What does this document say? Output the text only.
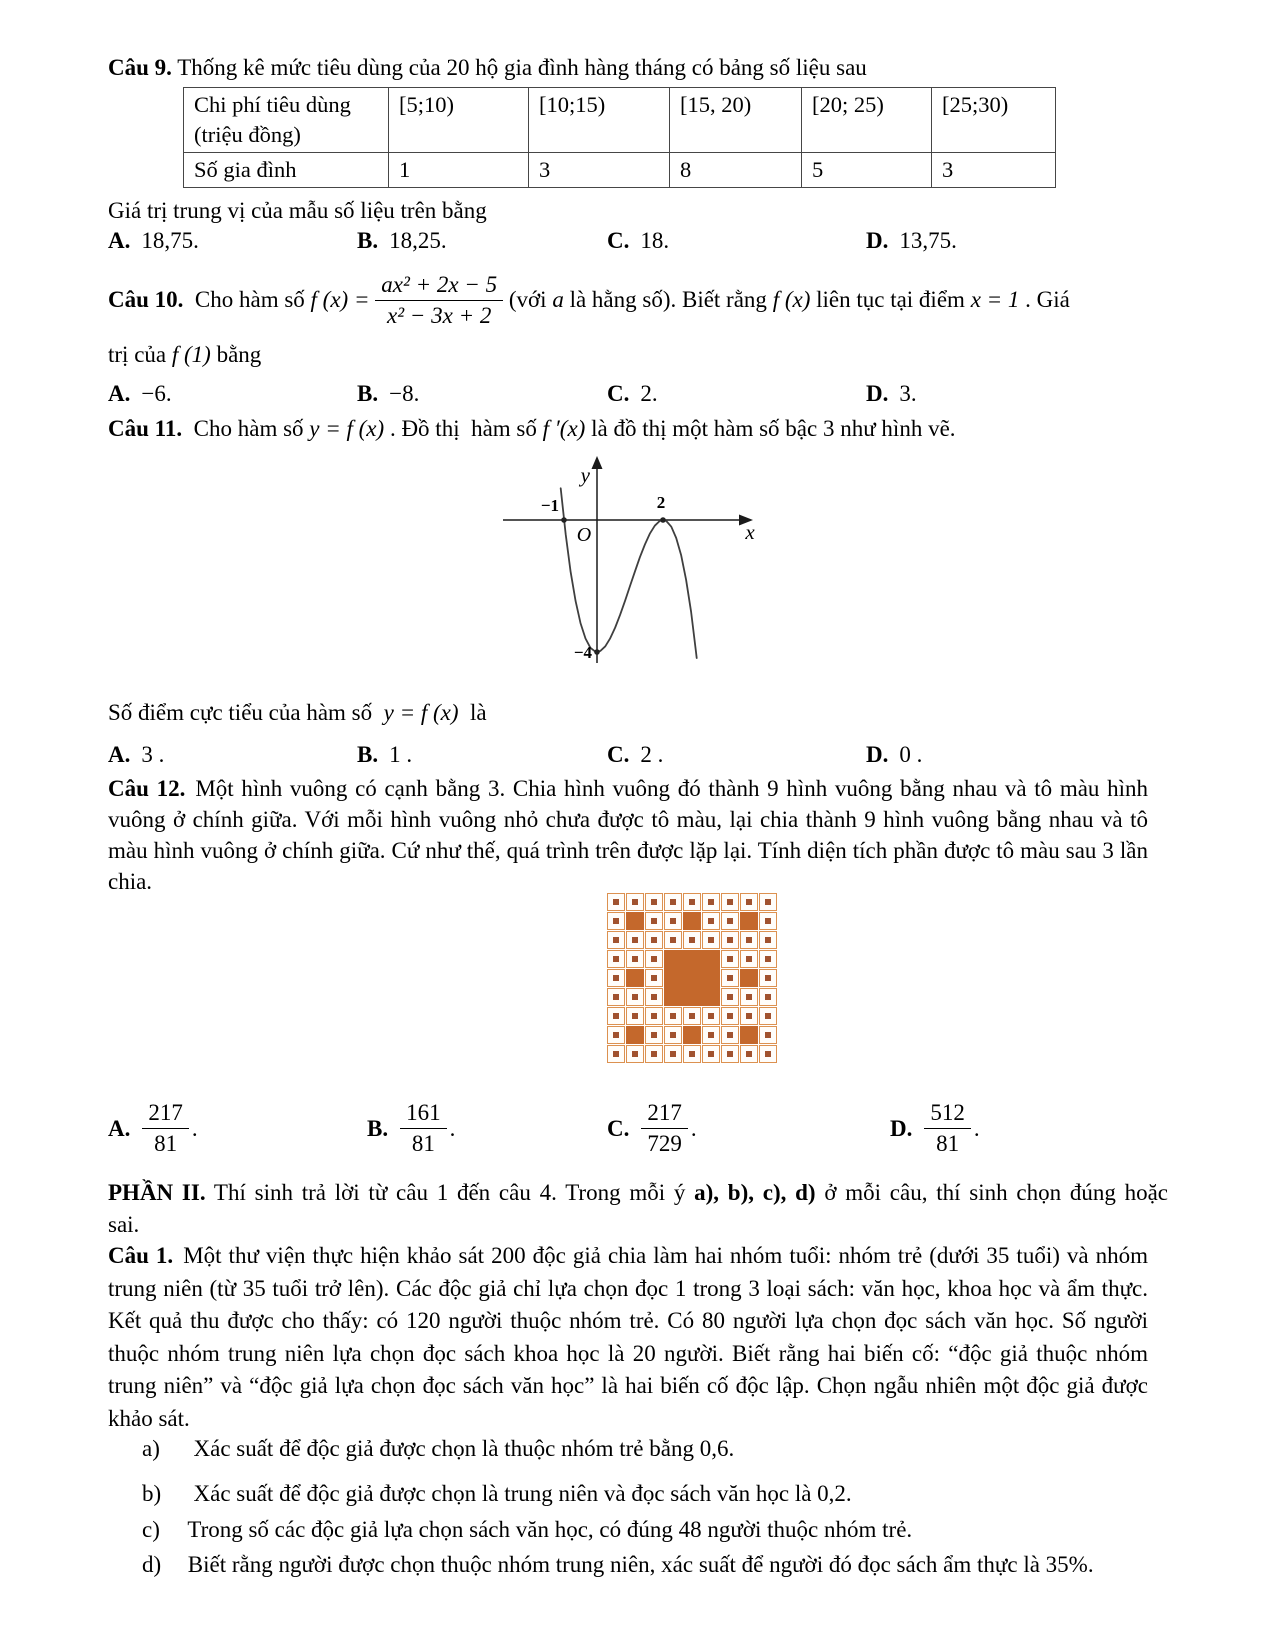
Câu 9. Thống kê mức tiêu dùng của 20 hộ gia đình hàng tháng có bảng số liệu sau
Chi phí tiêu dùng (triệu đồng)	[5;10)	[10;15)	[15, 20)	[20; 25)	[25;30)
Số gia đình	1	3	8	5	3
Giá trị trung vị của mẫu số liệu trên bằng
A. 18,75.	B. 18,25.	C. 18.	D. 13,75.
Câu 10. Cho hàm số f $(x) = \frac{\text{ax² + 2x − 5}}{\text{x² − 3x + 2}}$ (với a là hằng số). Biết rằng f (x) liên tục tại điểm x = 1 . Giá
trị của f (1) bằng
A. −6.	B. −8.	C. 2.	D. 3.
Câu 11.  Cho hàm số y = f (x) . Đồ thị  hàm số f ′(x) là đồ thị một hàm số bậc 3 như hình vẽ.
y
x
O
−1	2
−4
Số điểm cực tiểu của hàm số  y = f (x)  là
A. 3 .	B. 1 .	C. 2 .	D. 0 .
Câu 12. Một hình vuông có cạnh bằng 3. Chia hình vuông đó thành 9 hình vuông bằng nhau và tô màu hình vuông ở chính giữa. Với mỗi hình vuông nhỏ chưa được tô màu, lại chia thành 9 hình vuông bằng nhau và tô màu hình vuông ở chính giữa. Cứ như thế, quá trình trên được lặp lại. Tính diện tích phần được tô màu sau 3 lần chia.
A. $\frac{217}{81}$ .	B. $\frac{161}{81}$ .	C. $\frac{217}{729}$ .	D. $\frac{512}{81}$ .
PHẦN II. Thí sinh trả lời từ câu 1 đến câu 4. Trong mỗi ý a), b), c), d) ở mỗi câu, thí sinh chọn đúng hoặc
sai.
Câu 1. Một thư viện thực hiện khảo sát 200 độc giả chia làm hai nhóm tuổi: nhóm trẻ (dưới 35 tuổi) và nhóm trung niên (từ 35 tuổi trở lên). Các độc giả chỉ lựa chọn đọc 1 trong 3 loại sách: văn học, khoa học và ẩm thực. Kết quả thu được cho thấy: có 120 người thuộc nhóm trẻ. Có 80 người lựa chọn đọc sách văn học. Số người thuộc nhóm trung niên lựa chọn đọc sách khoa học là 20 người. Biết rằng hai biến cố: “độc giả thuộc nhóm trung niên” và “độc giả lựa chọn đọc sách văn học” là hai biến cố độc lập. Chọn ngẫu nhiên một độc giả được khảo sát.
a)  Xác suất để độc giả được chọn là thuộc nhóm trẻ bằng 0,6.
b)  Xác suất để độc giả được chọn là trung niên và đọc sách văn học là 0,2.
c) Trong số các độc giả lựa chọn sách văn học, có đúng 48 người thuộc nhóm trẻ.
d) Biết rằng người được chọn thuộc nhóm trung niên, xác suất để người đó đọc sách ẩm thực là 35%.
